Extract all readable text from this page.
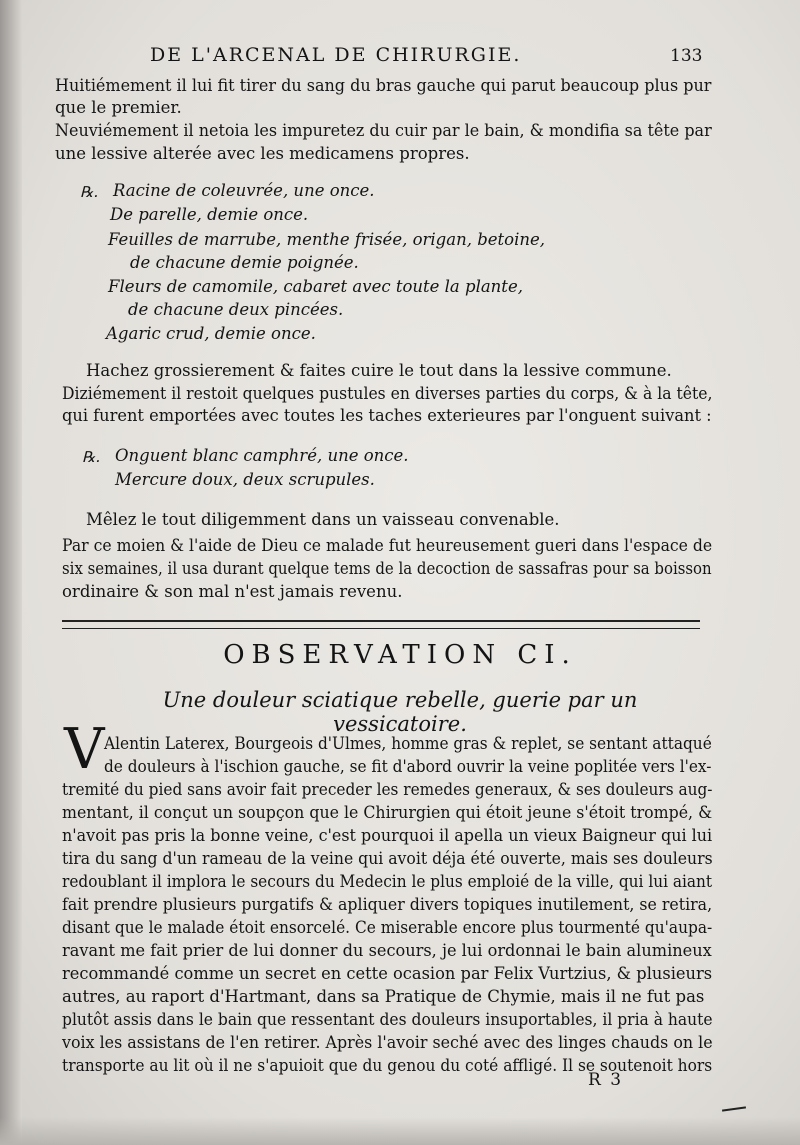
DE L'ARCENAL DE CHIRURGIE.	133
Huitiémement il lui fit tirer du sang du bras gauche qui parut beaucoup plus pur
que le premier.
Neuviémement il netoia les impuretez du cuir par le bain, & mondifia sa tête par
une lessive alterée avec les medicamens propres.
℞. Racine de coleuvrée, une once.
De parelle, demie once.
Feuilles de marrube, menthe frisée, origan, betoine,
de chacune demie poignée.
Fleurs de camomile, cabaret avec toute la plante,
de chacune deux pincées.
Agaric crud, demie once.
Hachez grossierement & faites cuire le tout dans la lessive commune.
Diziémement il restoit quelques pustules en diverses parties du corps, & à la tête,
qui furent emportées avec toutes les taches exterieures par l'onguent suivant :
℞. Onguent blanc camphré, une once.
Mercure doux, deux scrupules.
Mêlez le tout diligemment dans un vaisseau convenable.
Par ce moien & l'aide de Dieu ce malade fut heureusement gueri dans l'espace de
six semaines, il usa durant quelque tems de la decoction de sassafras pour sa boisson
ordinaire & son mal n'est jamais revenu.
OBSERVATION CI.
Une douleur sciatique rebelle, guerie par un vessicatoire.
V Alentin Laterex, Bourgeois d'Ulmes, homme gras & replet, se sentant attaqué
de douleurs à l'ischion gauche, se fit d'abord ouvrir la veine poplitée vers l'ex-
tremité du pied sans avoir fait preceder les remedes generaux, & ses douleurs aug-
mentant, il conçut un soupçon que le Chirurgien qui étoit jeune s'étoit trompé, &
n'avoit pas pris la bonne veine, c'est pourquoi il apella un vieux Baigneur qui lui
tira du sang d'un rameau de la veine qui avoit déja été ouverte, mais ses douleurs
redoublant il implora le secours du Medecin le plus emploié de la ville, qui lui aiant
fait prendre plusieurs purgatifs & apliquer divers topiques inutilement, se retira,
disant que le malade étoit ensorcelé. Ce miserable encore plus tourmenté qu'aupa-
ravant me fait prier de lui donner du secours, je lui ordonnai le bain alumineux
recommandé comme un secret en cette ocasion par Felix Vurtzius, & plusieurs
autres, au raport d'Hartmant, dans sa Pratique de Chymie, mais il ne fut pas
plutôt assis dans le bain que ressentant des douleurs insuportables, il pria à haute
voix les assistans de l'en retirer. Après l'avoir seché avec des linges chauds on le
transporte au lit où il ne s'apuioit que du genou du coté affligé. Il se soutenoit hors
R 3
